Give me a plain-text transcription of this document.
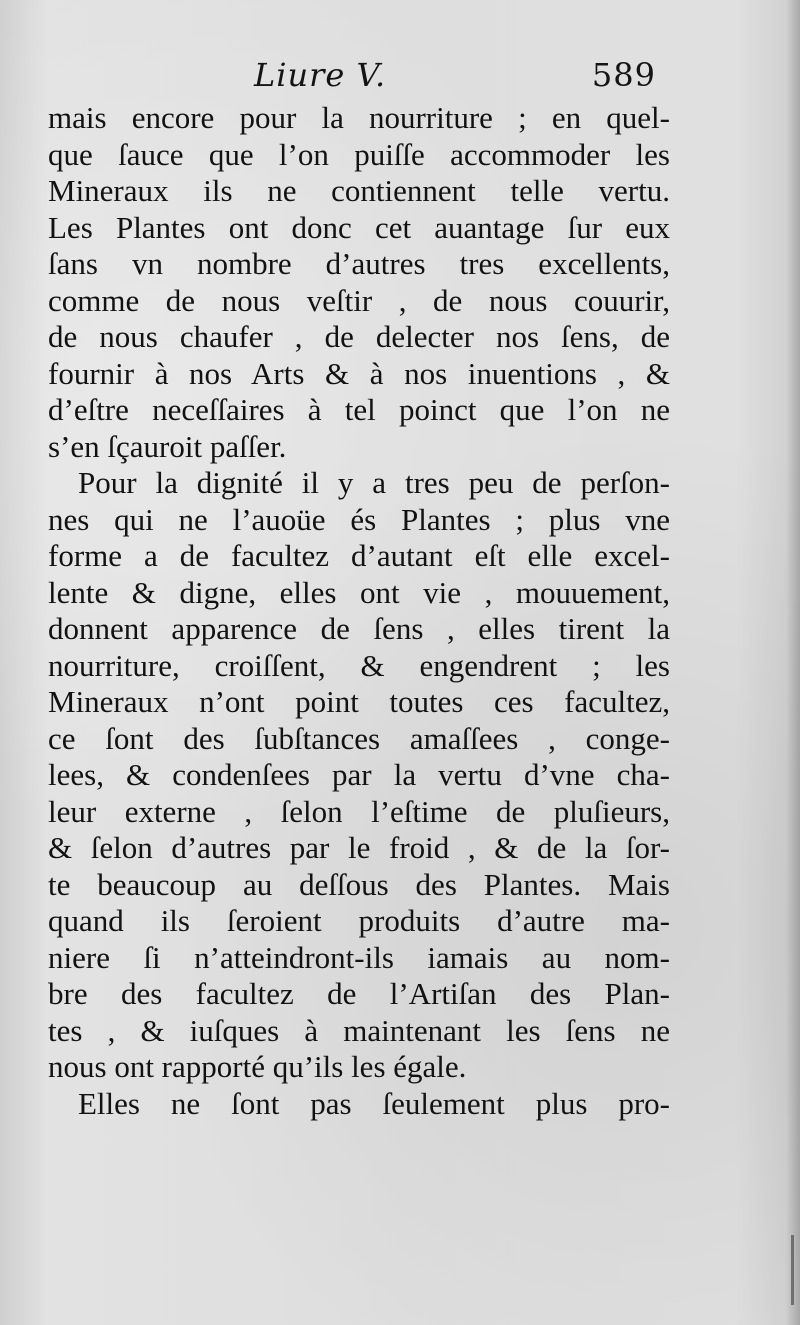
Liure V.	589
mais encore pour la nourriture ; en quel-
que ſauce que l’on puiſſe accommoder les
Mineraux ils ne contiennent telle vertu.
Les Plantes ont donc cet auantage ſur eux
ſans vn nombre d’autres tres excellents,
comme de nous veſtir , de nous couurir,
de nous chaufer , de delecter nos ſens, de
fournir à nos Arts & à nos inuentions , &
d’eſtre neceſſaires à tel poinct que l’on ne
s’en ſçauroit paſſer.
Pour la dignité il y a tres peu de perſon-
nes qui ne l’auoüe és Plantes ; plus vne
forme a de facultez d’autant eſt elle excel-
lente & digne, elles ont vie , mouuement,
donnent apparence de ſens , elles tirent la
nourriture, croiſſent, & engendrent ; les
Mineraux n’ont point toutes ces facultez,
ce ſont des ſubſtances amaſſees , conge-
lees, & condenſees par la vertu d’vne cha-
leur externe , ſelon l’eſtime de pluſieurs,
& ſelon d’autres par le froid , & de la ſor-
te beaucoup au deſſous des Plantes. Mais
quand ils ſeroient produits d’autre ma-
niere ſi n’atteindront-ils iamais au nom-
bre des facultez de l’Artiſan des Plan-
tes , & iuſques à maintenant les ſens ne
nous ont rapporté qu’ils les égale.
Elles ne ſont pas ſeulement plus pro-
